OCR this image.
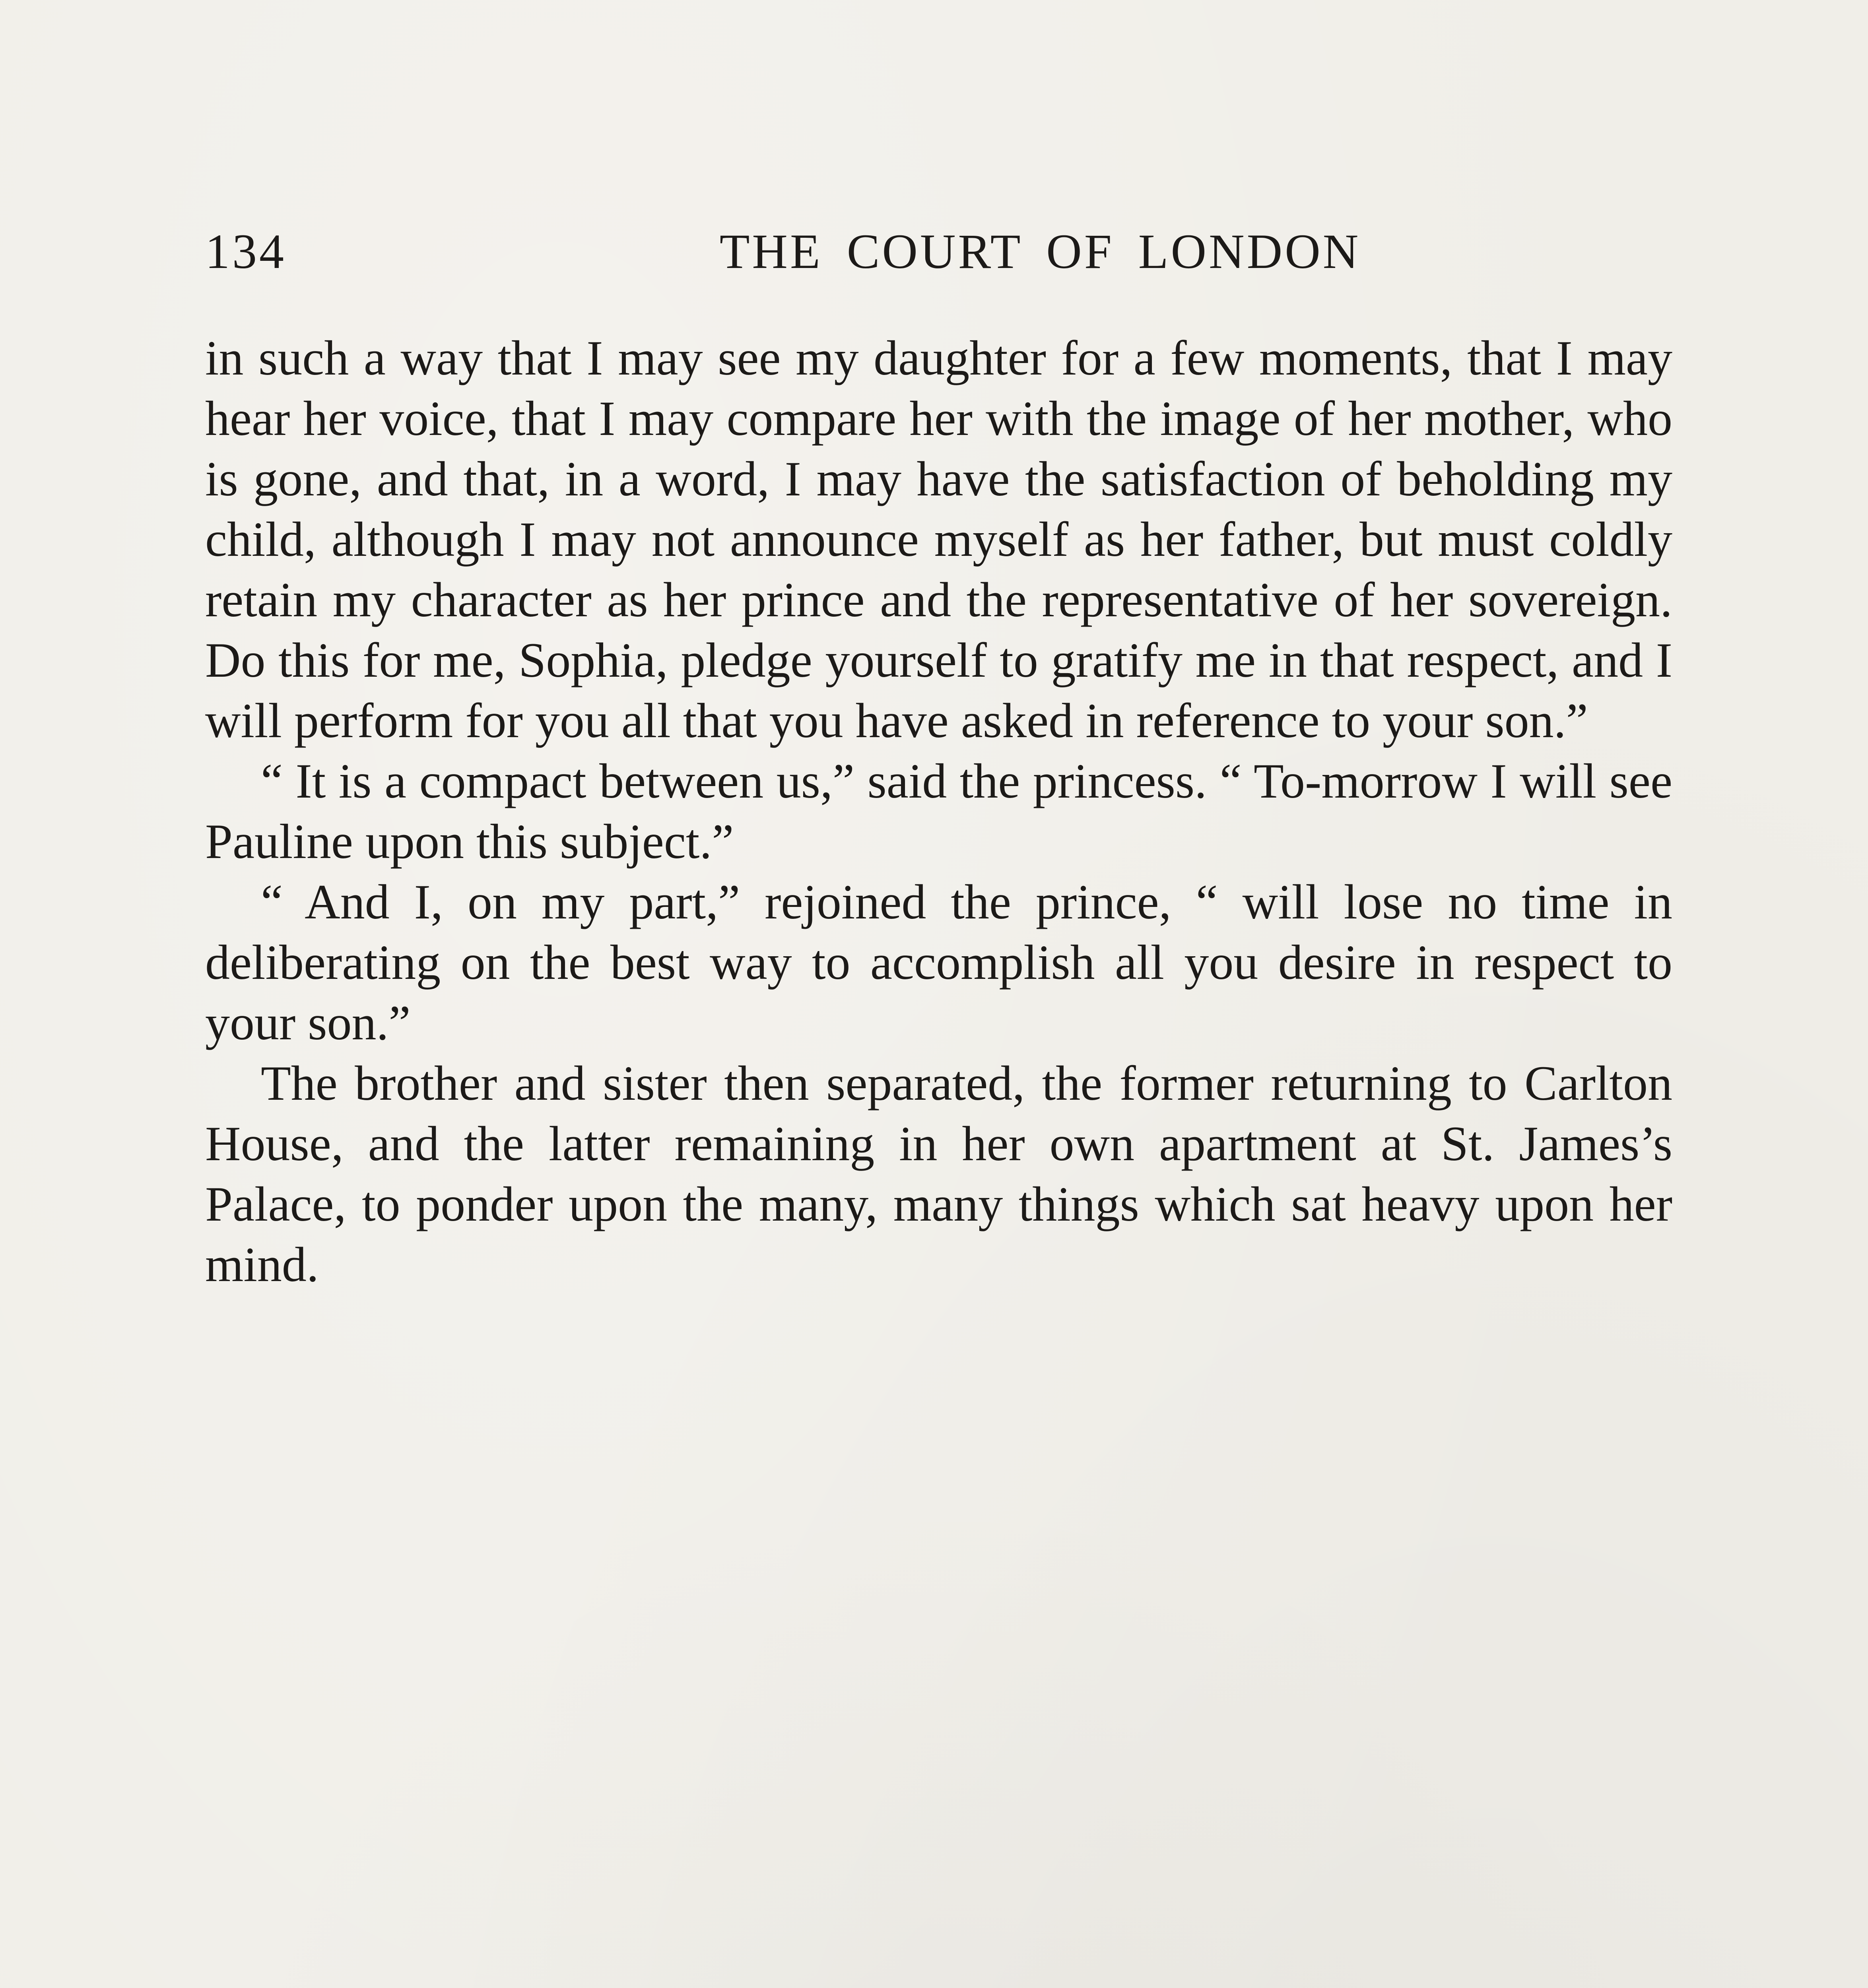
134	THE COURT OF LONDON

in such a way that I may see my daughter for a few moments, that I may hear her voice, that I may compare her with the image of her mother, who is gone, and that, in a word, I may have the satisfaction of beholding my child, although I may not announce myself as her father, but must coldly retain my character as her prince and the representative of her sovereign. Do this for me, Sophia, pledge yourself to gratify me in that respect, and I will perform for you all that you have asked in reference to your son.”

“ It is a compact between us,” said the princess. “ To-morrow I will see Pauline upon this subject.”

“ And I, on my part,” rejoined the prince, “ will lose no time in deliberating on the best way to accomplish all you desire in respect to your son.”

The brother and sister then separated, the former returning to Carlton House, and the latter remaining in her own apartment at St. James’s Palace, to ponder upon the many, many things which sat heavy upon her mind.
